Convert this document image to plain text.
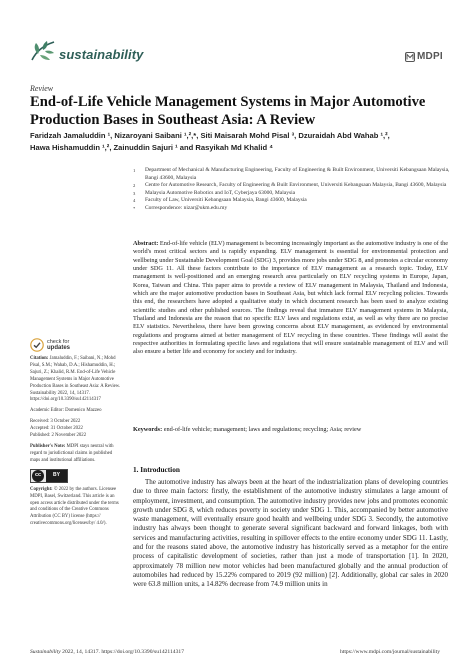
sustainability	MDPI
Review
End-of-Life Vehicle Management Systems in Major Automotive Production Bases in Southeast Asia: A Review
Faridzah Jamaluddin ¹, Nizaroyani Saibani ¹,²,*, Siti Maisarah Mohd Pisal ³, Dzuraidah Abd Wahab ¹,²,
Hawa Hishamuddin ¹,², Zainuddin Sajuri ¹ and Rasyikah Md Khalid ⁴
1	Department of Mechanical & Manufacturing Engineering, Faculty of Engineering & Built Environment, Universiti Kebangsaan Malaysia, Bangi 43600, Malaysia
2	Centre for Automotive Research, Faculty of Engineering & Built Environment, Universiti Kebangsaan Malaysia, Bangi 43600, Malaysia
3	Malaysia Automotive Robotics and IoT, Cyberjaya 63000, Malaysia
4	Faculty of Law, Universiti Kebangsaan Malaysia, Bangi 43600, Malaysia
*	Correspondence: nizar@ukm.edu.my
Abstract: End-of-life vehicle (ELV) management is becoming increasingly important as the automotive industry is one of the world's most critical sectors and is rapidly expanding. ELV management is essential for environmental protection and wellbeing under Sustainable Development Goal (SDG) 3, provides more jobs under SDG 8, and promotes a circular economy under SDG 11. All these factors contribute to the importance of ELV management as a research topic. Today, ELV management is well-positioned and an emerging research area particularly on ELV recycling systems in Europe, Japan, Korea, Taiwan and China. This paper aims to provide a review of ELV management in Malaysia, Thailand and Indonesia, which are the major automotive production bases in Southeast Asia, but which lack formal ELV recycling policies. Towards this end, the researchers have adopted a qualitative study in which document research has been used to analyze existing scientific studies and other published sources. The findings reveal that immature ELV management systems in Malaysia, Thailand and Indonesia are the reason that no specific ELV laws and regulations exist, as well as why there are no precise ELV statistics. Nevertheless, there have been growing concerns about ELV management, as evidenced by environmental regulations and programs aimed at better management of ELV recycling in these countries. These findings will assist the respective authorities in formulating specific laws and regulations that will ensure sustainable management of ELV and will also ensure a better life and economy for society and for industry.
Keywords: end-of-life vehicle; management; laws and regulations; recycling; Asia; review
check for
updates
Citation: Jamaluddin, F.; Saibani, N.; Mohd Pisal, S.M.; Wahab, D.A.; Hishamuddin, H.; Sajuri, Z.; Khalid, R.M. End-of-Life Vehicle Management Systems in Major Automotive Production Bases in Southeast Asia: A Review. Sustainability 2022, 14, 14317. https://doi.org/10.3390/su142114317
Academic Editor: Domenico Mazzeo
Received: 3 October 2022
Accepted: 31 October 2022
Published: 2 November 2022
Publisher's Note: MDPI stays neutral with regard to jurisdictional claims in published maps and institutional affiliations.
cc	BY
Copyright: © 2022 by the authors. Licensee MDPI, Basel, Switzerland. This article is an open access article distributed under the terms and conditions of the Creative Commons Attribution (CC BY) license (https:// creativecommons.org/licenses/by/ 4.0/).
1. Introduction
The automotive industry has always been at the heart of the industrialization plans of developing countries due to three main factors: firstly, the establishment of the automotive industry stimulates a large amount of employment, investment, and consumption. The automotive industry provides new jobs and promotes economic growth under SDG 8, which reduces poverty in society under SDG 1. This, accompanied by better automotive waste management, will eventually ensure good health and wellbeing under SDG 3. Secondly, the automotive industry has always been thought to generate several significant backward and forward linkages, both with services and manufacturing activities, resulting in spillover effects to the entire economy under SDG 11. Lastly, and for the reasons stated above, the automotive industry has historically served as a metaphor for the entire process of capitalistic development of societies, rather than just a mode of transportation [1]. In 2020, approximately 78 million new motor vehicles had been manufactured globally and the annual production of automobiles had reduced by 15.22% compared to 2019 (92 million) [2]. Additionally, global car sales in 2020 were 63.8 million units, a 14.82% decrease from 74.9 million units in
Sustainability 2022, 14, 14317. https://doi.org/10.3390/su142114317	https://www.mdpi.com/journal/sustainability
